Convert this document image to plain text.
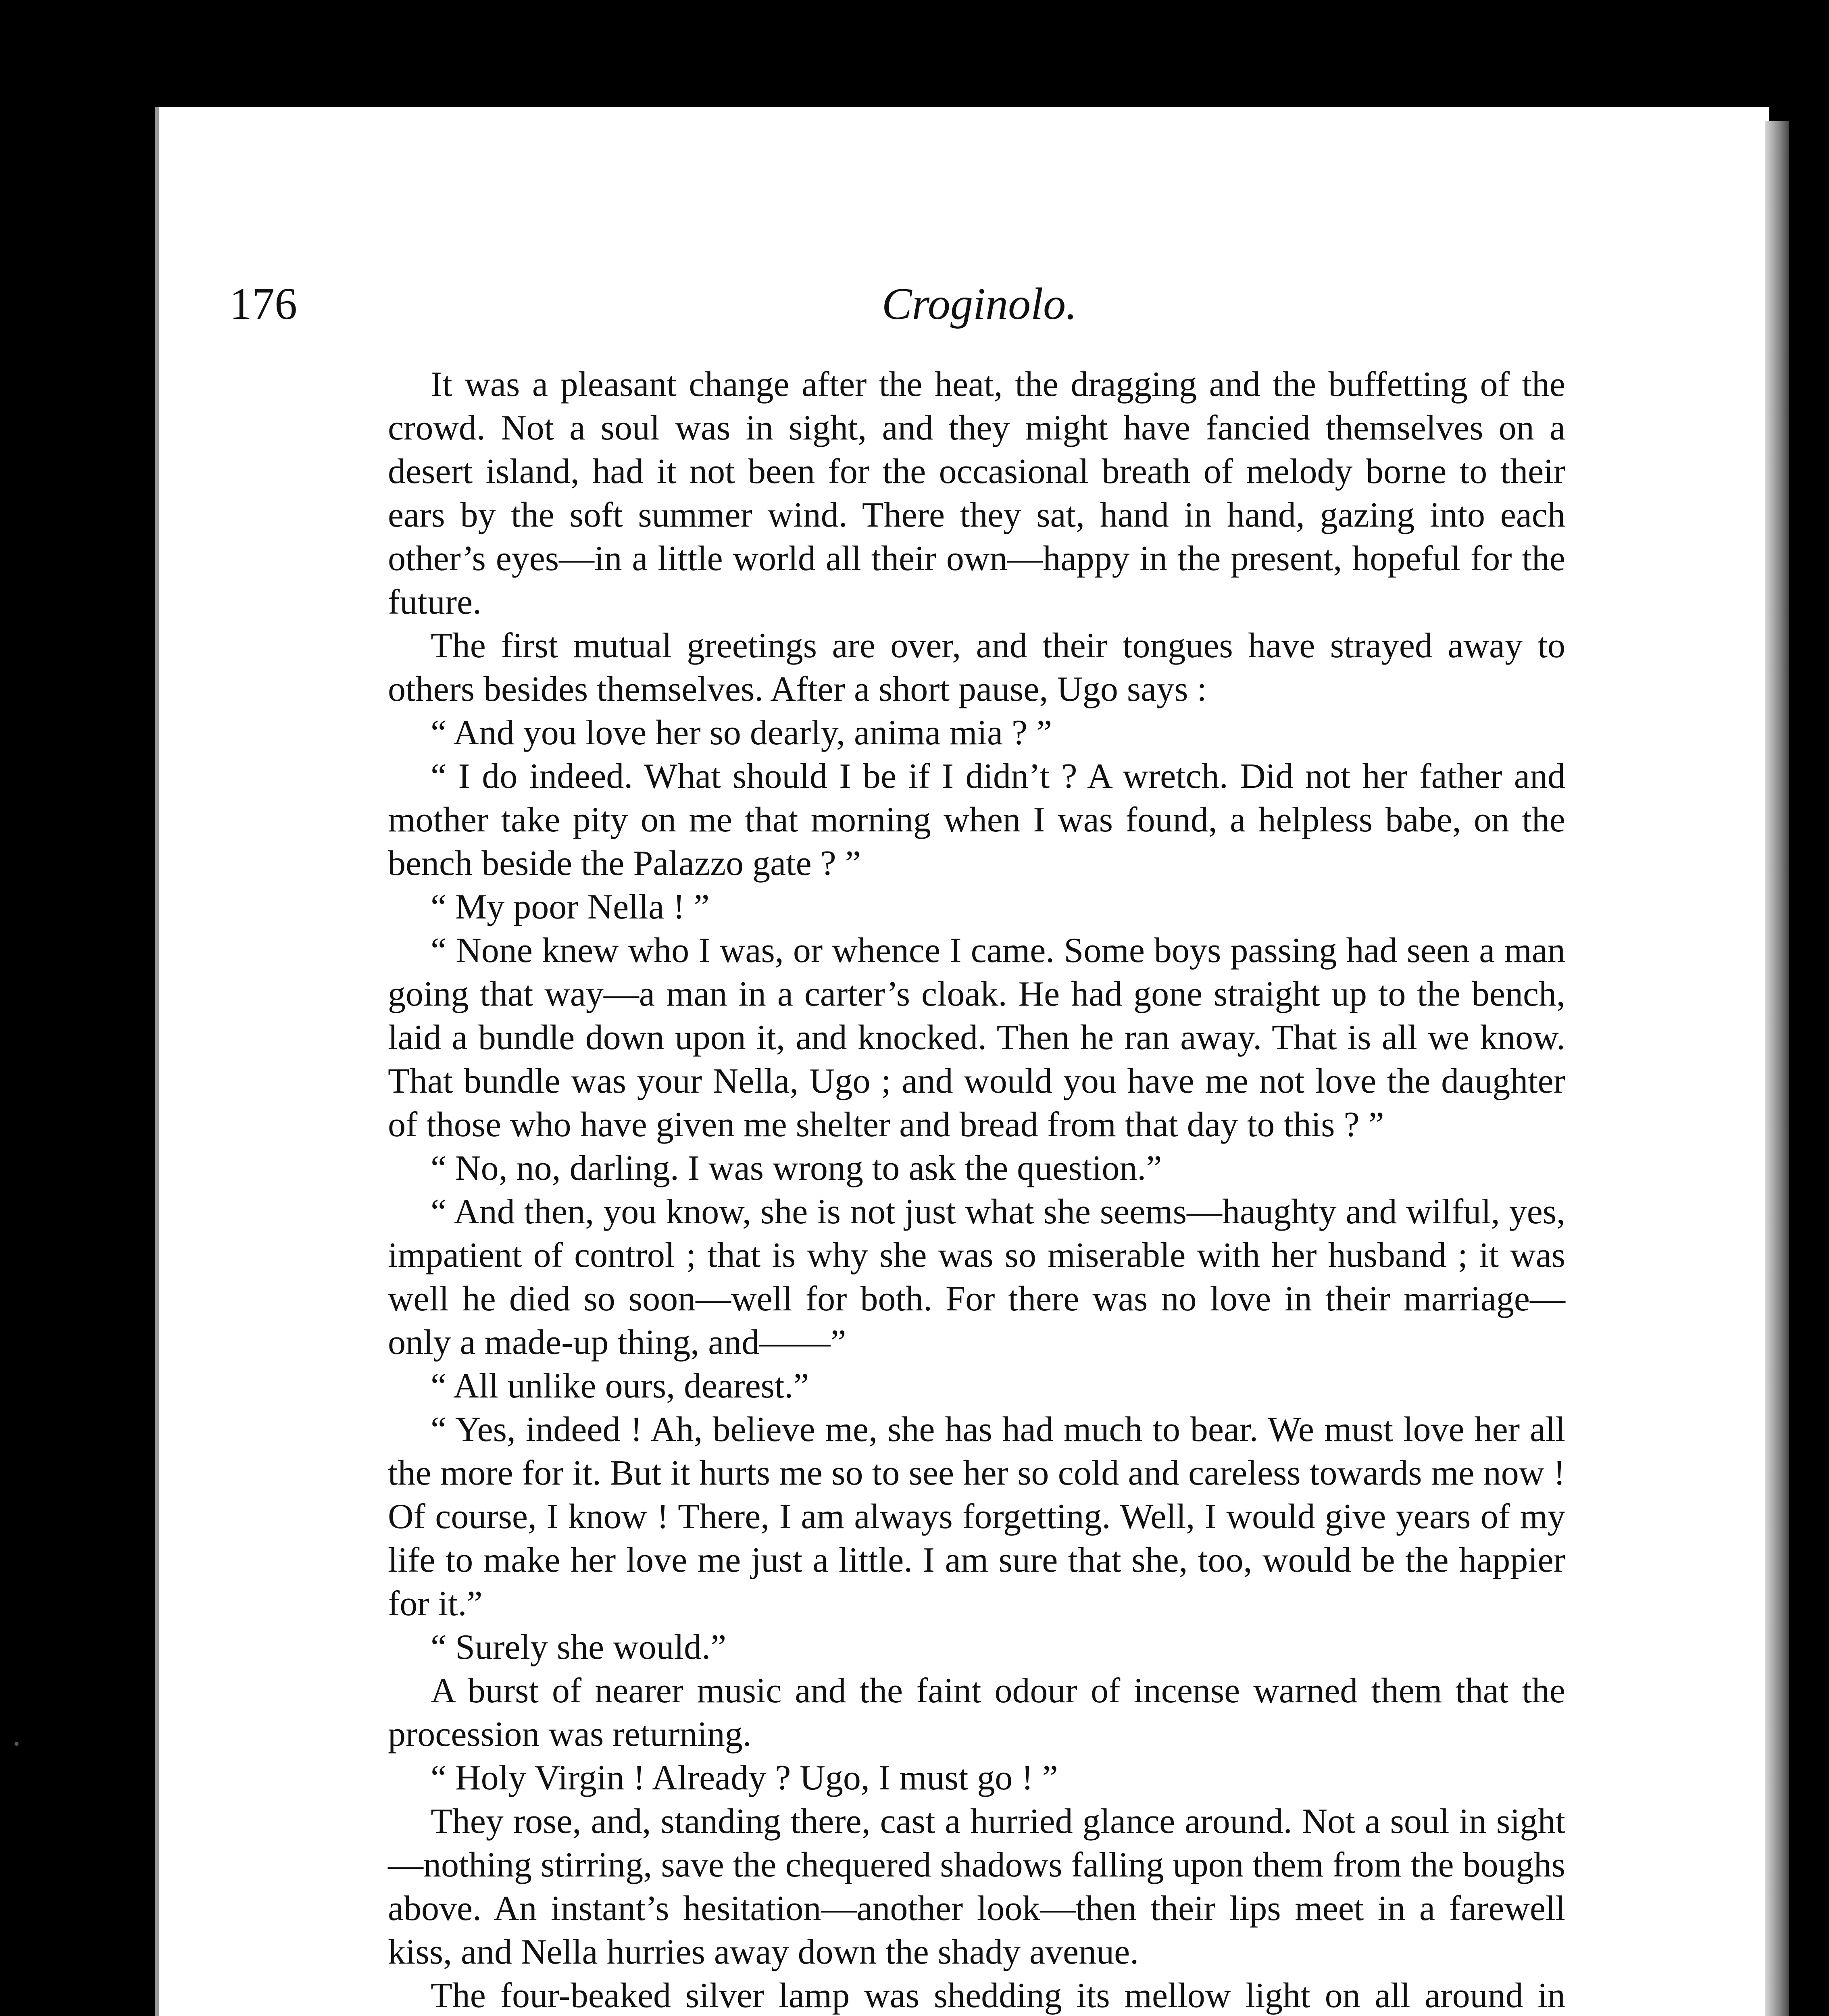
176	Croginolo.

It was a pleasant change after the heat, the dragging and the buffetting of the crowd. Not a soul was in sight, and they might have fancied themselves on a desert island, had it not been for the occasional breath of melody borne to their ears by the soft summer wind. There they sat, hand in hand, gazing into each other’s eyes—in a little world all their own—happy in the present, hopeful for the future.

The first mutual greetings are over, and their tongues have strayed away to others besides themselves. After a short pause, Ugo says :

“ And you love her so dearly, anima mia ? ”

“ I do indeed. What should I be if I didn’t ? A wretch. Did not her father and mother take pity on me that morning when I was found, a helpless babe, on the bench beside the Palazzo gate ? ”

“ My poor Nella ! ”

“ None knew who I was, or whence I came. Some boys passing had seen a man going that way—a man in a carter’s cloak. He had gone straight up to the bench, laid a bundle down upon it, and knocked. Then he ran away. That is all we know. That bundle was your Nella, Ugo ; and would you have me not love the daughter of those who have given me shelter and bread from that day to this ? ”

“ No, no, darling. I was wrong to ask the question.”

“ And then, you know, she is not just what she seems—haughty and wilful, yes, impatient of control ; that is why she was so miserable with her husband ; it was well he died so soon—well for both. For there was no love in their marriage—only a made-up thing, and——”

“ All unlike ours, dearest.”

“ Yes, indeed ! Ah, believe me, she has had much to bear. We must love her all the more for it. But it hurts me so to see her so cold and careless towards me now ! Of course, I know ! There, I am always forgetting. Well, I would give years of my life to make her love me just a little. I am sure that she, too, would be the happier for it.”

“ Surely she would.”

A burst of nearer music and the faint odour of incense warned them that the procession was returning.

“ Holy Virgin ! Already ? Ugo, I must go ! ”

They rose, and, standing there, cast a hurried glance around. Not a soul in sight—nothing stirring, save the chequered shadows falling upon them from the boughs above. An instant’s hesitation—another look—then their lips meet in a farewell kiss, and Nella hurries away down the shady avenue.

The four-beaked silver lamp was shedding its mellow light on all around in
